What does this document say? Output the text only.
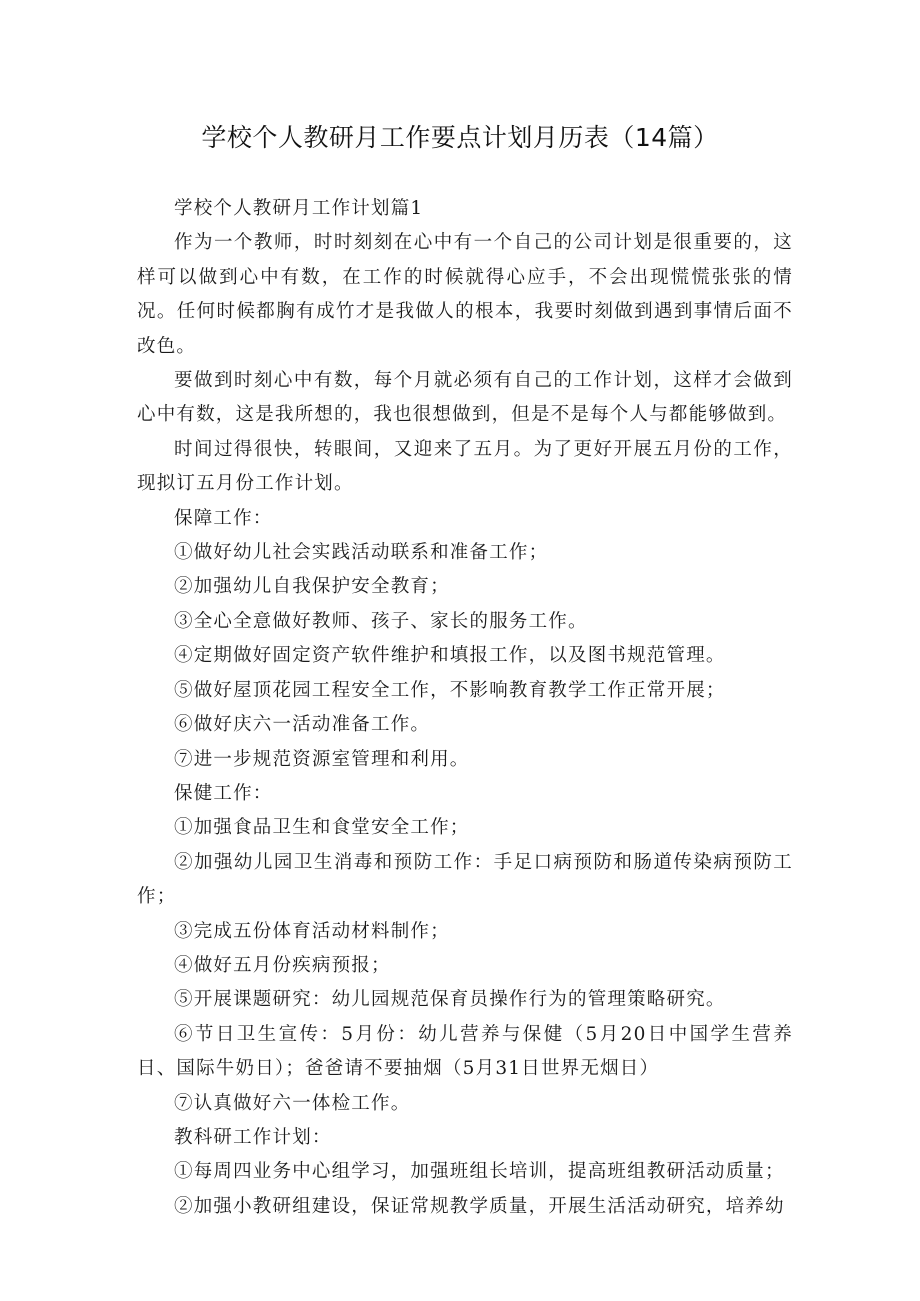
学校个人教研月工作要点计划月历表（14篇）

学校个人教研月工作计划篇1

作为一个教师，时时刻刻在心中有一个自己的公司计划是很重要的，这样可以做到心中有数，在工作的时候就得心应手，不会出现慌慌张张的情况。任何时候都胸有成竹才是我做人的根本，我要时刻做到遇到事情后面不改色。

要做到时刻心中有数，每个月就必须有自己的工作计划，这样才会做到心中有数，这是我所想的，我也很想做到，但是不是每个人与都能够做到。

时间过得很快，转眼间，又迎来了五月。为了更好开展五月份的工作，现拟订五月份工作计划。

保障工作：

①做好幼儿社会实践活动联系和准备工作；

②加强幼儿自我保护安全教育；

③全心全意做好教师、孩子、家长的服务工作。

④定期做好固定资产软件维护和填报工作，以及图书规范管理。

⑤做好屋顶花园工程安全工作，不影响教育教学工作正常开展；

⑥做好庆六一活动准备工作。

⑦进一步规范资源室管理和利用。

保健工作：

①加强食品卫生和食堂安全工作；

②加强幼儿园卫生消毒和预防工作：手足口病预防和肠道传染病预防工作；

③完成五份体育活动材料制作；

④做好五月份疾病预报；

⑤开展课题研究：幼儿园规范保育员操作行为的管理策略研究。

⑥节日卫生宣传：5月份：幼儿营养与保健（5月20日中国学生营养日、国际牛奶日）；爸爸请不要抽烟（5月31日世界无烟日）

⑦认真做好六一体检工作。

教科研工作计划：

①每周四业务中心组学习，加强班组长培训，提高班组教研活动质量；

②加强小教研组建设，保证常规教学质量，开展生活活动研究，培养幼
